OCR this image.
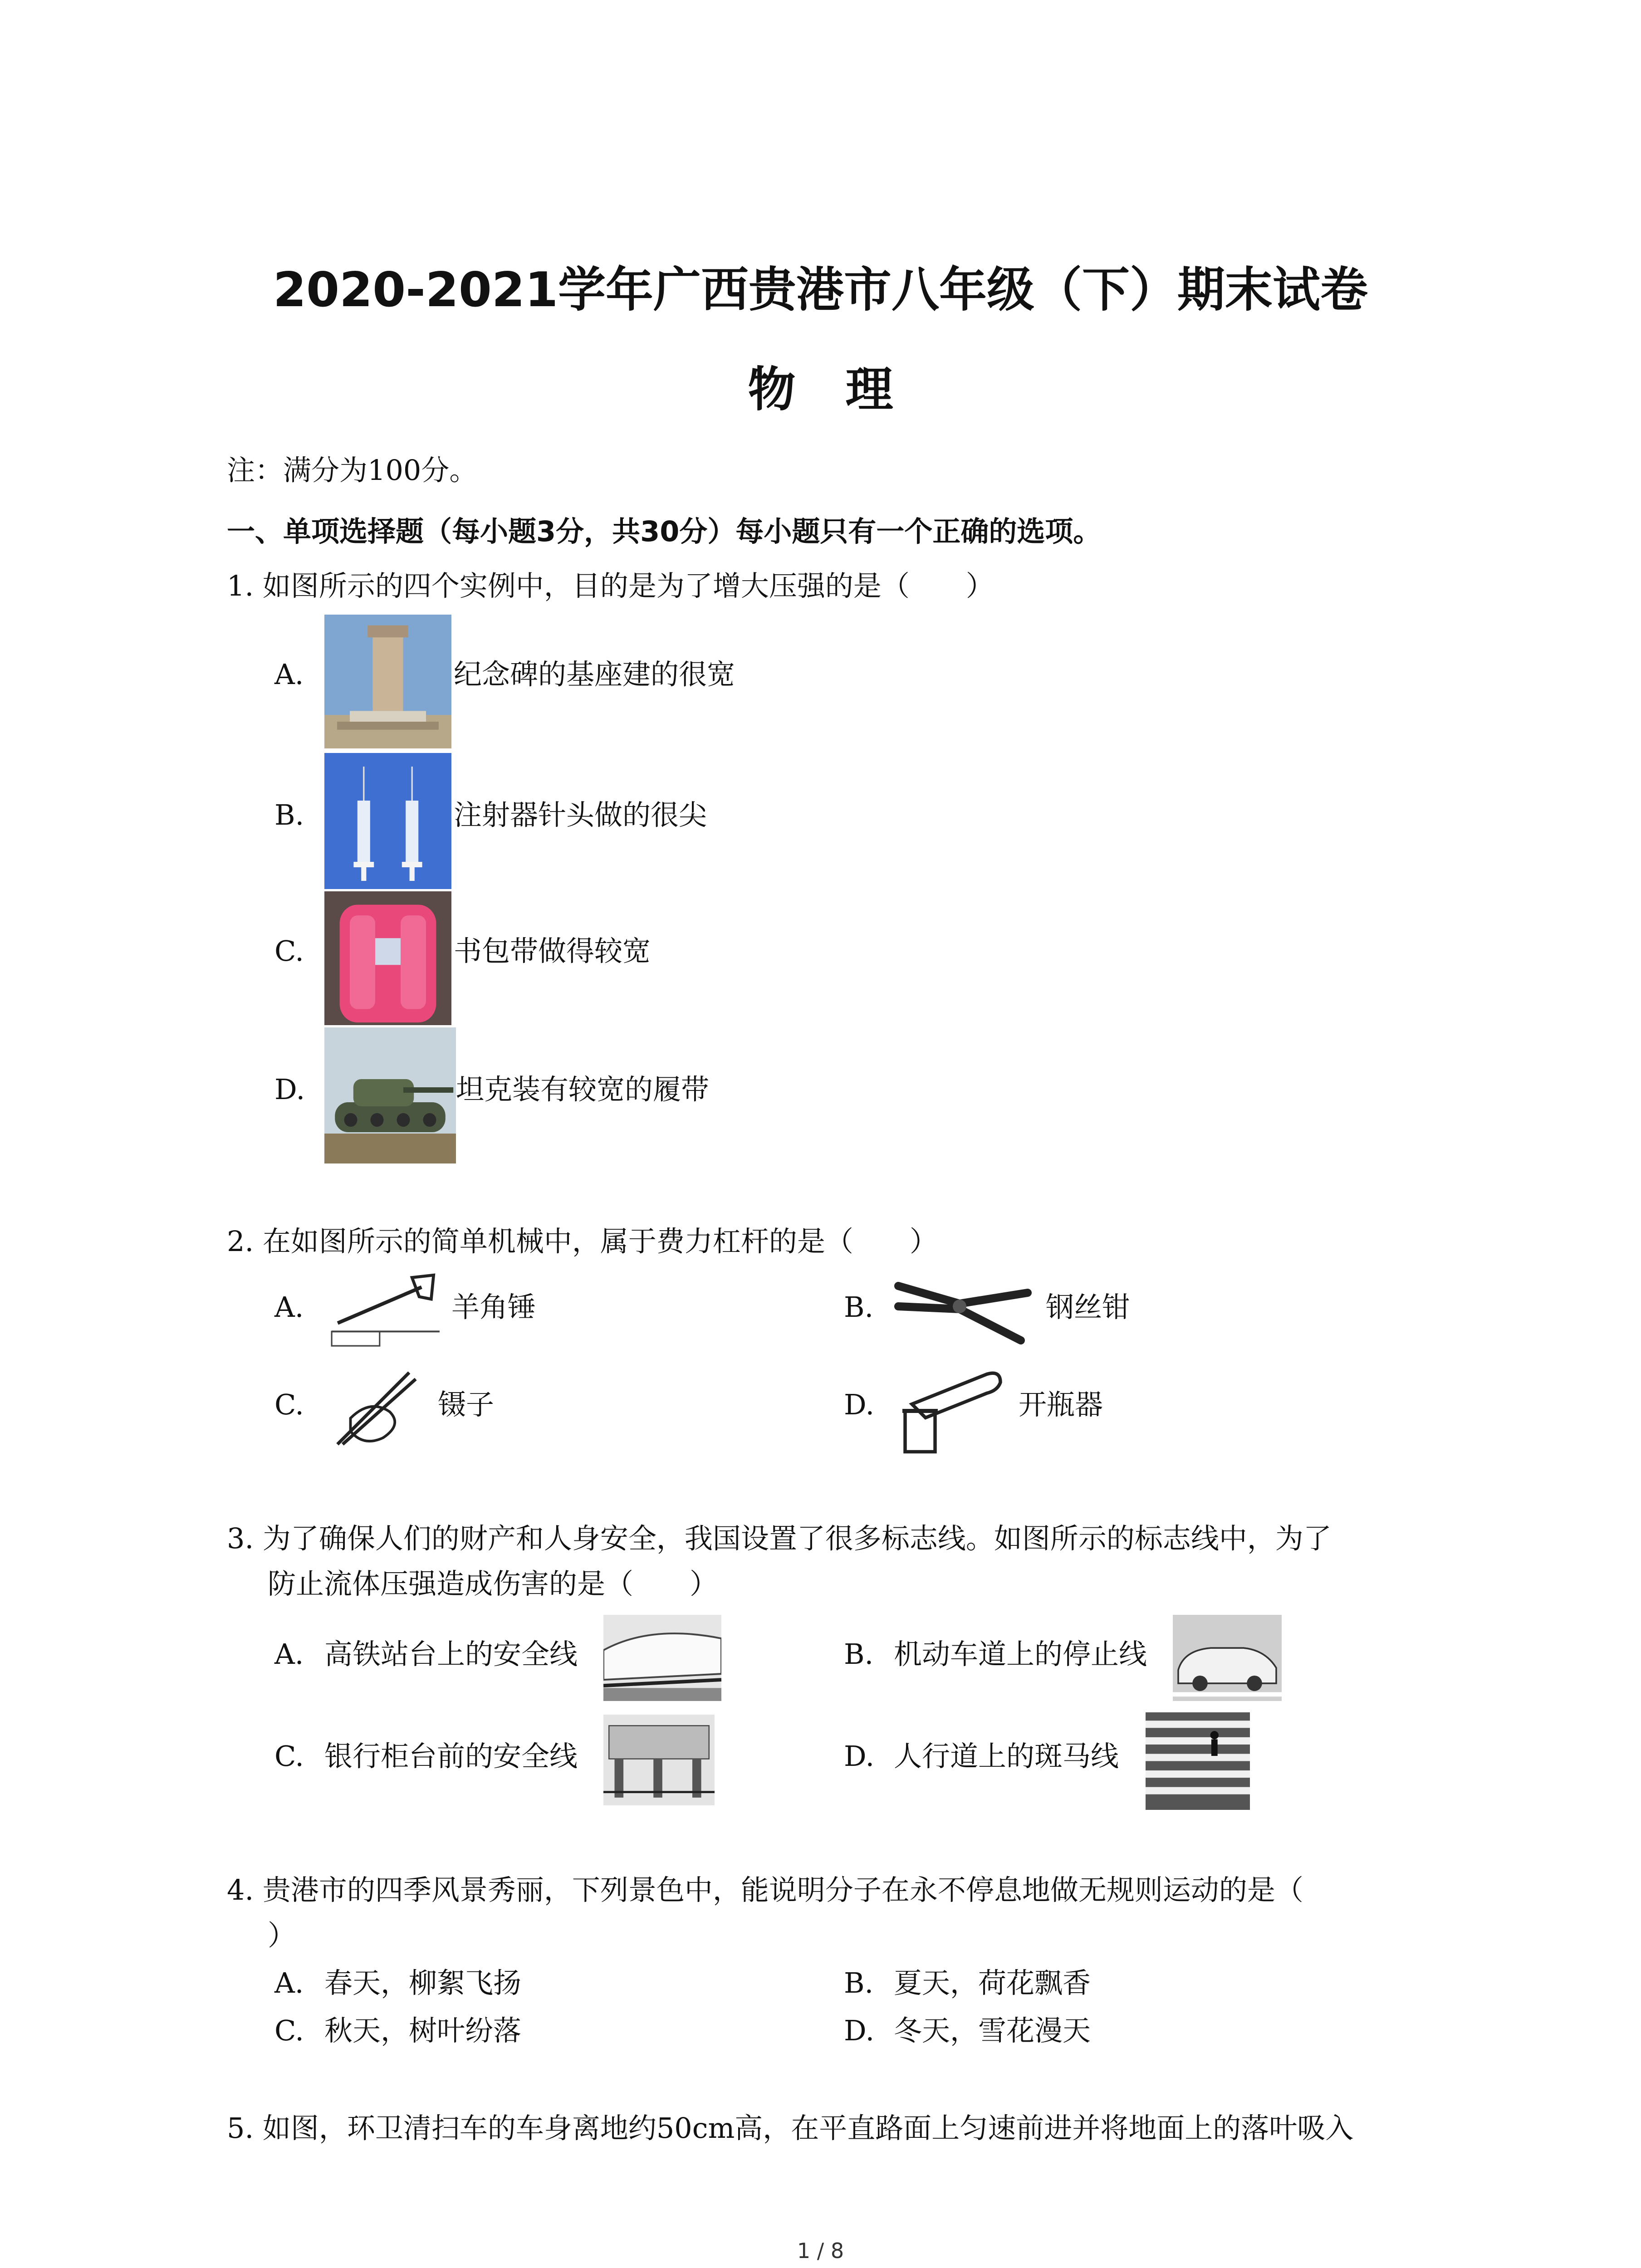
2020-2021学年广西贵港市八年级（下）期末试卷
物理
注：满分为100分。
一、单项选择题（每小题3分，共30分）每小题只有一个正确的选项。
1. 如图所示的四个实例中，目的是为了增大压强的是（　　）
A.	纪念碑的基座建的很宽
B.	注射器针头做的很尖
C.	书包带做得较宽
D.	坦克装有较宽的履带
2. 在如图所示的简单机械中，属于费力杠杆的是（　　）
A.	羊角锤	B.	钢丝钳
C.	镊子	D.	开瓶器
3. 为了确保人们的财产和人身安全，我国设置了很多标志线。如图所示的标志线中，为了
防止流体压强造成伤害的是（　　）
A. 高铁站台上的安全线	B. 机动车道上的停止线
C. 银行柜台前的安全线	D. 人行道上的斑马线
4. 贵港市的四季风景秀丽，下列景色中，能说明分子在永不停息地做无规则运动的是（
）
A. 春天，柳絮飞扬	B. 夏天，荷花飘香
C. 秋天，树叶纷落	D. 冬天，雪花漫天
5. 如图，环卫清扫车的车身离地约50cm高，在平直路面上匀速前进并将地面上的落叶吸入
1 / 8
